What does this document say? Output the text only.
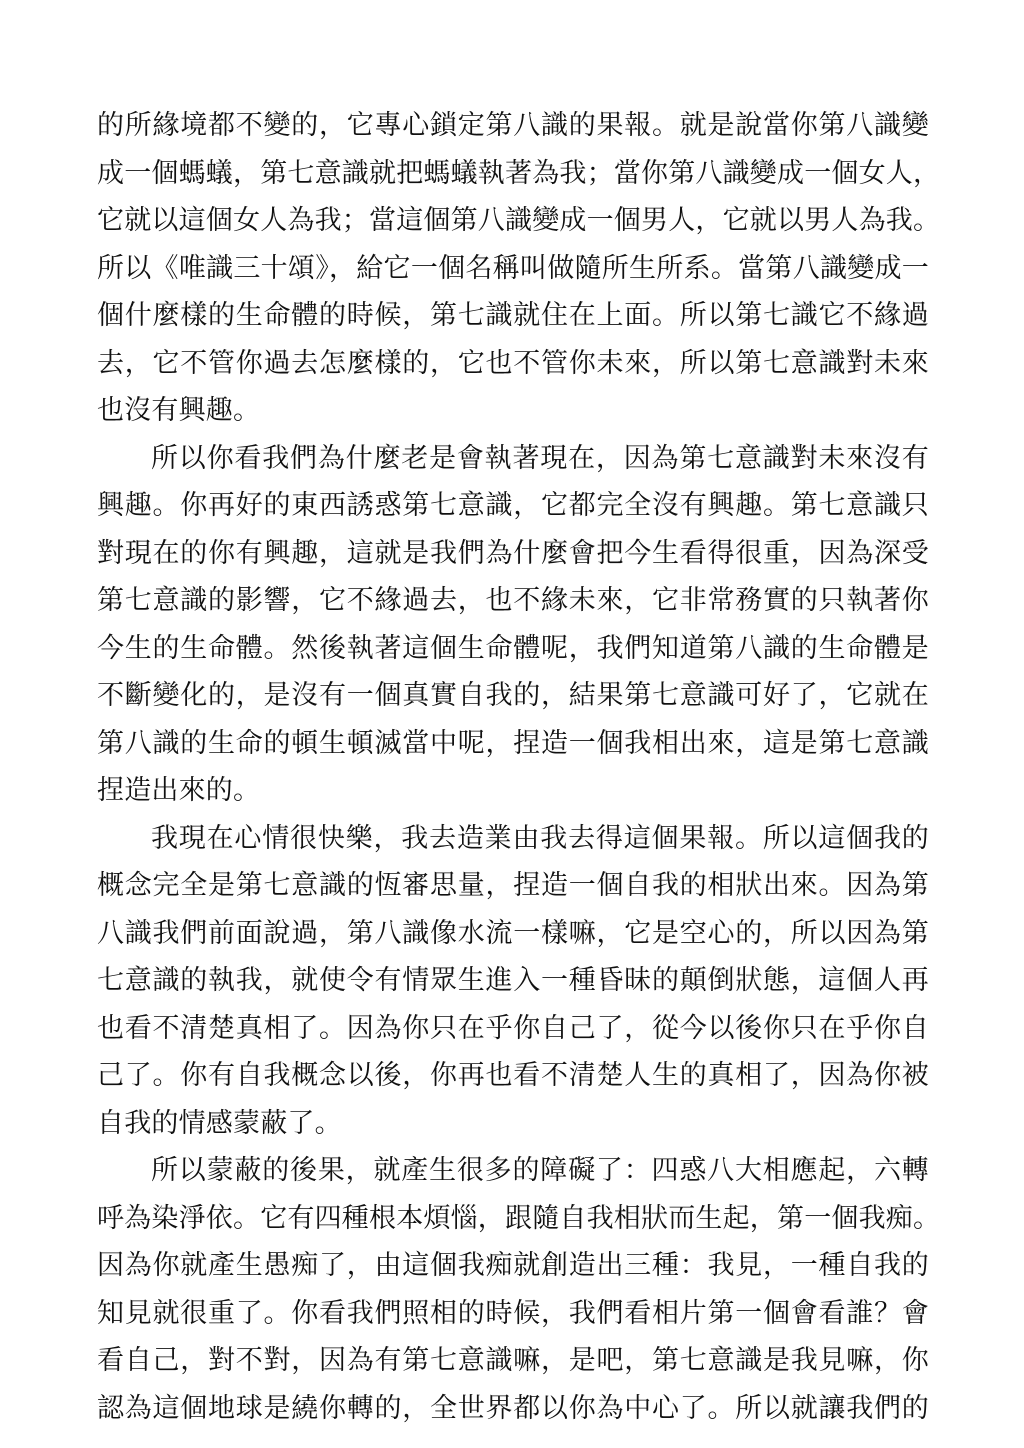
的所緣境都不變的，它專心鎖定第八識的果報。就是說當你第八識變
成一個螞蟻，第七意識就把螞蟻執著為我；當你第八識變成一個女人，
它就以這個女人為我；當這個第八識變成一個男人，它就以男人為我。
所以《唯識三十頌》，給它一個名稱叫做隨所生所系。當第八識變成一
個什麼樣的生命體的時候，第七識就住在上面。所以第七識它不緣過
去，它不管你過去怎麼樣的，它也不管你未來，所以第七意識對未來
也沒有興趣。
所以你看我們為什麼老是會執著現在，因為第七意識對未來沒有
興趣。你再好的東西誘惑第七意識，它都完全沒有興趣。第七意識只
對現在的你有興趣，這就是我們為什麼會把今生看得很重，因為深受
第七意識的影響，它不緣過去，也不緣未來，它非常務實的只執著你
今生的生命體。然後執著這個生命體呢，我們知道第八識的生命體是
不斷變化的，是沒有一個真實自我的，結果第七意識可好了，它就在
第八識的生命的頓生頓滅當中呢，捏造一個我相出來，這是第七意識
捏造出來的。
我現在心情很快樂，我去造業由我去得這個果報。所以這個我的
概念完全是第七意識的恆審思量，捏造一個自我的相狀出來。因為第
八識我們前面說過，第八識像水流一樣嘛，它是空心的，所以因為第
七意識的執我，就使令有情眾生進入一種昏昧的顛倒狀態，這個人再
也看不清楚真相了。因為你只在乎你自己了，從今以後你只在乎你自
己了。你有自我概念以後，你再也看不清楚人生的真相了，因為你被
自我的情感蒙蔽了。
所以蒙蔽的後果，就產生很多的障礙了：四惑八大相應起，六轉
呼為染淨依。它有四種根本煩惱，跟隨自我相狀而生起，第一個我痴。
因為你就產生愚痴了，由這個我痴就創造出三種：我見，一種自我的
知見就很重了。你看我們照相的時候，我們看相片第一個會看誰？會
看自己，對不對，因為有第七意識嘛，是吧，第七意識是我見嘛，你
認為這個地球是繞你轉的，全世界都以你為中心了。所以就讓我們的
